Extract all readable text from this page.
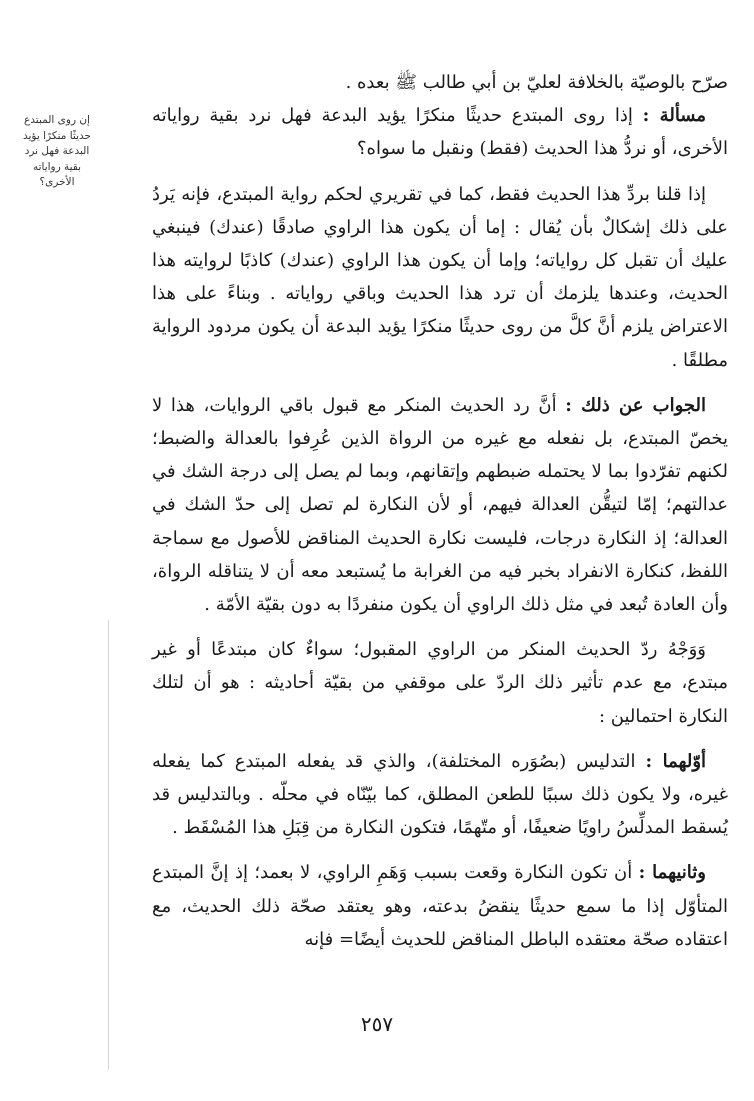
إن روى المبتدع حديثًا منكرًا يؤيد البدعة فهل نرد بقية رواياته الأخرى؟

صرّح بالوصيّة بالخلافة لعليّ بن أبي طالب ﷺ بعده .

مسألة : إذا روى المبتدع حديثًا منكرًا يؤيد البدعة فهل نرد بقية رواياته الأخرى، أو نردُّ هذا الحديث (فقط) ونقبل ما سواه؟

إذا قلنا بردِّ هذا الحديث فقط، كما في تقريري لحكم رواية المبتدع، فإنه يَردُ على ذلك إشكالٌ بأن يُقال : إما أن يكون هذا الراوي صادقًا (عندك) فينبغي عليك أن تقبل كل رواياته؛ وإما أن يكون هذا الراوي (عندك) كاذبًا لروايته هذا الحديث، وعندها يلزمك أن ترد هذا الحديث وباقي رواياته . وبناءً على هذا الاعتراض يلزم أنَّ كلَّ من روى حديثًا منكرًا يؤيد البدعة أن يكون مردود الرواية مطلقًا .

الجواب عن ذلك : أنَّ رد الحديث المنكر مع قبول باقي الروايات، هذا لا يخصّ المبتدع، بل نفعله مع غيره من الرواة الذين عُرِفوا بالعدالة والضبط؛ لكنهم تفرّدوا بما لا يحتمله ضبطهم وإتقانهم، وبما لم يصل إلى درجة الشك في عدالتهم؛ إمّا لتيقُّن العدالة فيهم، أو لأن النكارة لم تصل إلى حدّ الشك في العدالة؛ إذ النكارة درجات، فليست نكارة الحديث المناقض للأصول مع سماجة اللفظ، كنكارة الانفراد بخبر فيه من الغرابة ما يُستبعد معه أن لا يتناقله الرواة، وأن العادة تُبعد في مثل ذلك الراوي أن يكون منفردًا به دون بقيّة الأمّة .

وَوَجْهُ ردّ الحديث المنكر من الراوي المقبول؛ سواءٌ كان مبتدعًا أو غير مبتدع، مع عدم تأثير ذلك الردّ على موقفي من بقيّة أحاديثه : هو أن لتلك النكارة احتمالين :

أوّلهما : التدليس (بصُوَره المختلفة)، والذي قد يفعله المبتدع كما يفعله غيره، ولا يكون ذلك سببًا للطعن المطلق، كما بيّنّاه في محلّه . وبالتدليس قد يُسقط المدلِّسُ راويًا ضعيفًا، أو متّهمًا، فتكون النكارة من قِبَلِ هذا المُسْقَط .

وثانيهما : أن تكون النكارة وقعت بسبب وَهَمِ الراوي، لا بعمد؛ إذ إنَّ المبتدع المتأوّل إذا ما سمع حديثًا ينقضُ بدعته، وهو يعتقد صحّة ذلك الحديث، مع اعتقاده صحّة معتقده الباطل المناقض للحديث أيضًا= فإنه

٢٥٧
